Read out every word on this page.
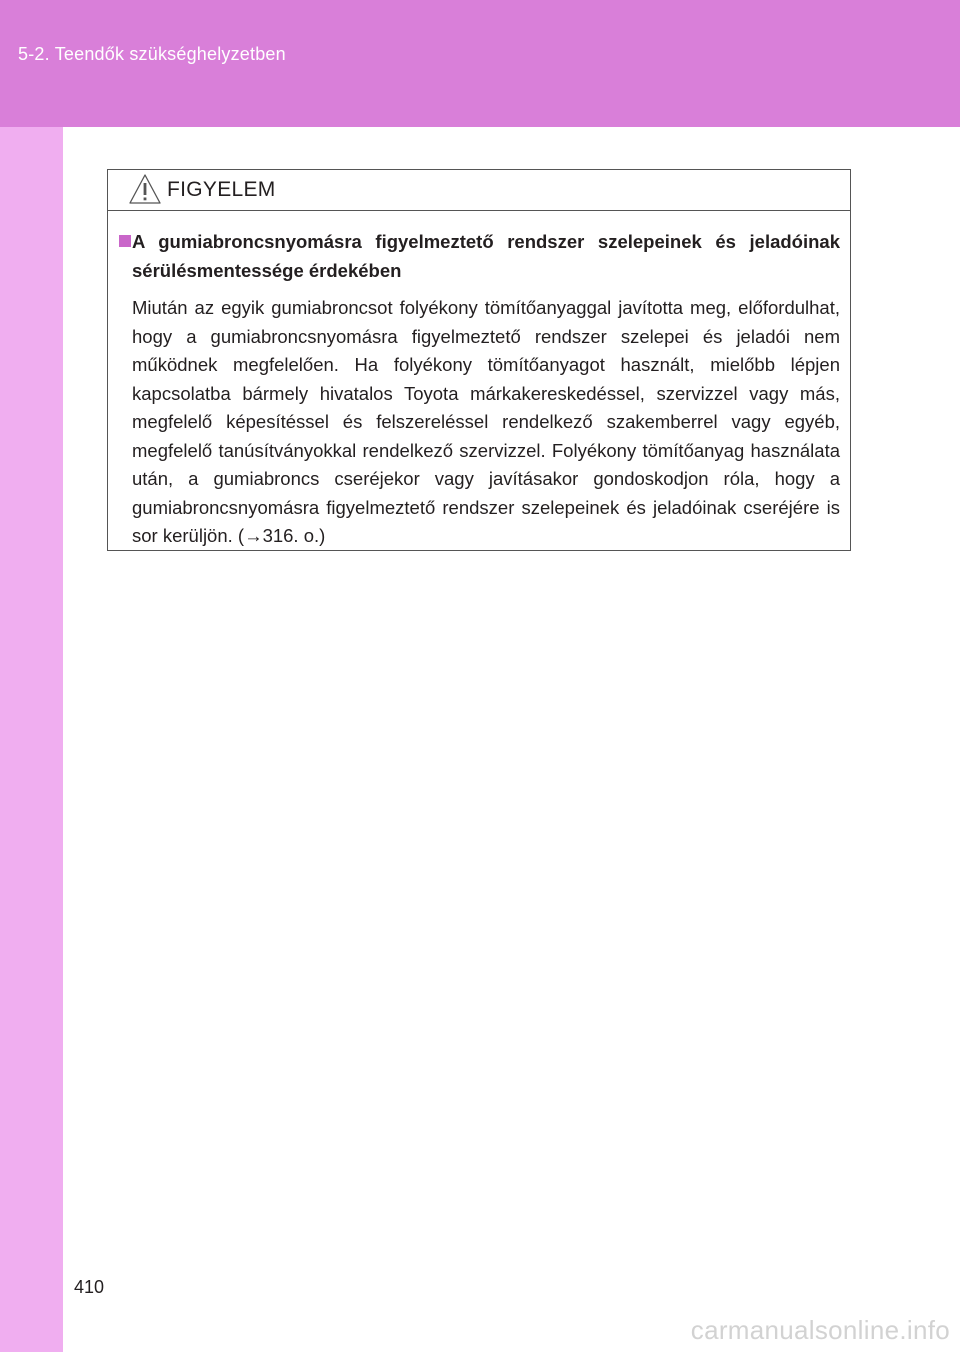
5-2. Teendők szükséghelyzetben
FIGYELEM

A gumiabroncsnyomásra figyelmeztető rendszer szelepeinek és jeladóinak sérülésmentessége érdekében

Miután az egyik gumiabroncsot folyékony tömítőanyaggal javította meg, előfordulhat, hogy a gumiabroncsnyomásra figyelmeztető rendszer szelepei és jeladói nem működnek megfelelően. Ha folyékony tömítőanyagot használt, mielőbb lépjen kapcsolatba bármely hivatalos Toyota márkakereskedéssel, szervizzel vagy más, megfelelő képesítéssel és felszereléssel rendelkező szakemberrel vagy egyéb, megfelelő tanúsítványokkal rendelkező szervizzel. Folyékony tömítőanyag használata után, a gumiabroncs cseréjekor vagy javításakor gondoskodjon róla, hogy a gumiabroncsnyomásra figyelmeztető rendszer szelepeinek és jeladóinak cseréjére is sor kerüljön. (→316. o.)

410
carmanualsonline.info
